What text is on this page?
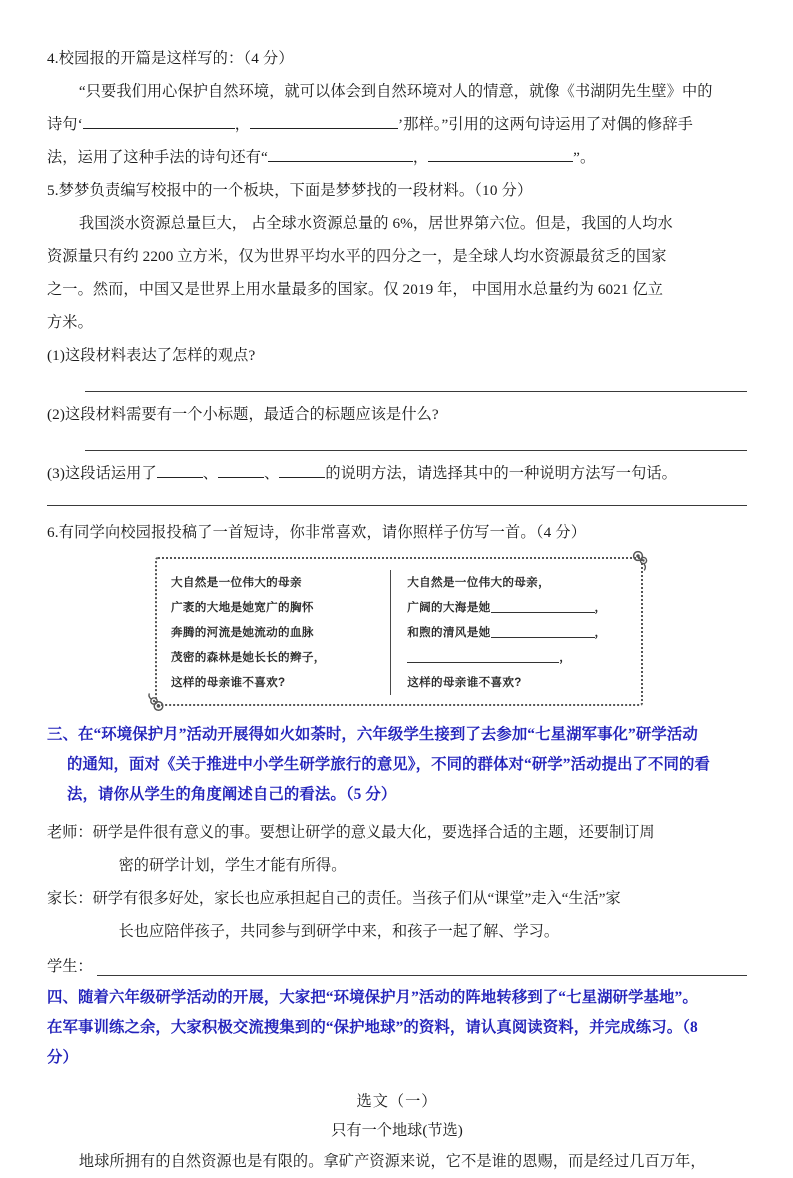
4.校园报的开篇是这样写的：（4 分）
“只要我们用心保护自然环境，就可以体会到自然环境对人的情意，就像《书湖阴先生壁》中的
诗句‘	，	’那样。”引用的这两句诗运用了对偶的修辞手
法，运用了这种手法的诗句还有“	，	”。
5.梦梦负责编写校报中的一个板块，下面是梦梦找的一段材料。（10 分）
我国淡水资源总量巨大， 占全球水资源总量的 6%，居世界第六位。但是，我国的人均水
资源量只有约 2200 立方米，仅为世界平均水平的四分之一，是全球人均水资源最贫乏的国家
之一。然而，中国又是世界上用水量最多的国家。仅 2019 年， 中国用水总量约为 6021 亿立
方米。
(1)这段材料表达了怎样的观点?
(2)这段材料需要有一个小标题，最适合的标题应该是什么?
(3)这段话运用了	、	、	的说明方法，请选择其中的一种说明方法写一句话。
6.有同学向校园报投稿了一首短诗，你非常喜欢，请你照样子仿写一首。（4 分）
大自然是一位伟大的母亲
广袤的大地是她宽广的胸怀
奔腾的河流是她流动的血脉
茂密的森林是她长长的辫子，
这样的母亲谁不喜欢?
大自然是一位伟大的母亲，
广阔的大海是她	，
和煦的清风是她	，
，
这样的母亲谁不喜欢?
三、在“环境保护月”活动开展得如火如荼时，六年级学生接到了去参加“七星湖军事化”研学活动
的通知，面对《关于推进中小学生研学旅行的意见》，不同的群体对“研学”活动提出了不同的看
法，请你从学生的角度阐述自己的看法。（5 分）
老师： 研学是件很有意义的事。要想让研学的意义最大化，要选择合适的主题，还要制订周
密的研学计划，学生才能有所得。
家长： 研学有很多好处，家长也应承担起自己的责任。当孩子们从“课堂”走入“生活”家
长也应陪伴孩子，共同参与到研学中来，和孩子一起了解、学习。
学生：
四、随着六年级研学活动的开展，大家把“环境保护月”活动的阵地转移到了“七星湖研学基地”。
在军事训练之余，大家积极交流搜集到的“保护地球”的资料，请认真阅读资料，并完成练习。（8
分）
选文（一）
只有一个地球(节选)
地球所拥有的自然资源也是有限的。拿矿产资源来说，它不是谁的恩赐，而是经过几百万年，
